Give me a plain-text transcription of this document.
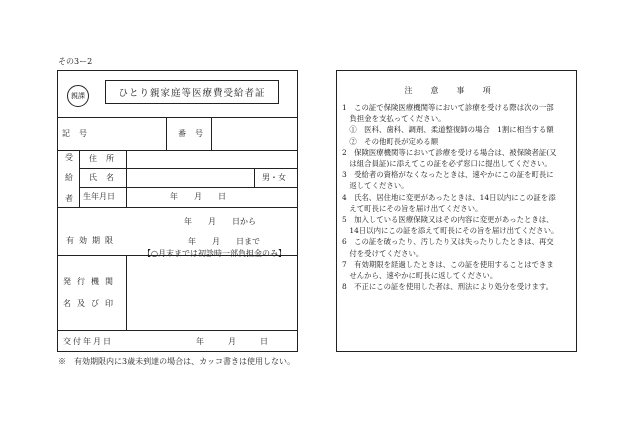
その3ー2
親課	ひとり親家庭等医療費受給者証
記号	番号
受
給
者
住所
氏名	男・女
生年月日	年　　月　　日
有効期限
年　　月　　日から
年　　月　　日まで
【○月末までは初診時一部負担金のみ】
発行機関
名及び印
交付年月日	年　　　月　　　日
※　有効期限内に3歳未到達の場合は、カッコ書きは使用しない。
注意事項

1　この証で保険医療機関等において診療を受ける際は次の一部

　負担金を支払ってください。

　①　医科、歯科、調剤、柔道整復師の場合　1割に相当する額

　②　その他町長が定める額

2　保険医療機関等において診療を受ける場合は、被保険者証(又

　は組合員証)に添えてこの証を必ず窓口に提出してください。

3　受給者の資格がなくなったときは、速やかにこの証を町長に

　返してください。

4　氏名、居住地に変更があったときは、14日以内にこの証を添

　えて町長にその旨を届け出てください。

5　加入している医療保険又はその内容に変更があったときは、

　14日以内にこの証を添えて町長にその旨を届け出てください。

6　この証を破ったり、汚したり又は失ったりしたときは、再交

　付を受けてください。

7　有効期限を経過したときは、この証を使用することはできま

　せんから、速やかに町長に返してください。

8　不正にこの証を使用した者は、刑法により処分を受けます。
